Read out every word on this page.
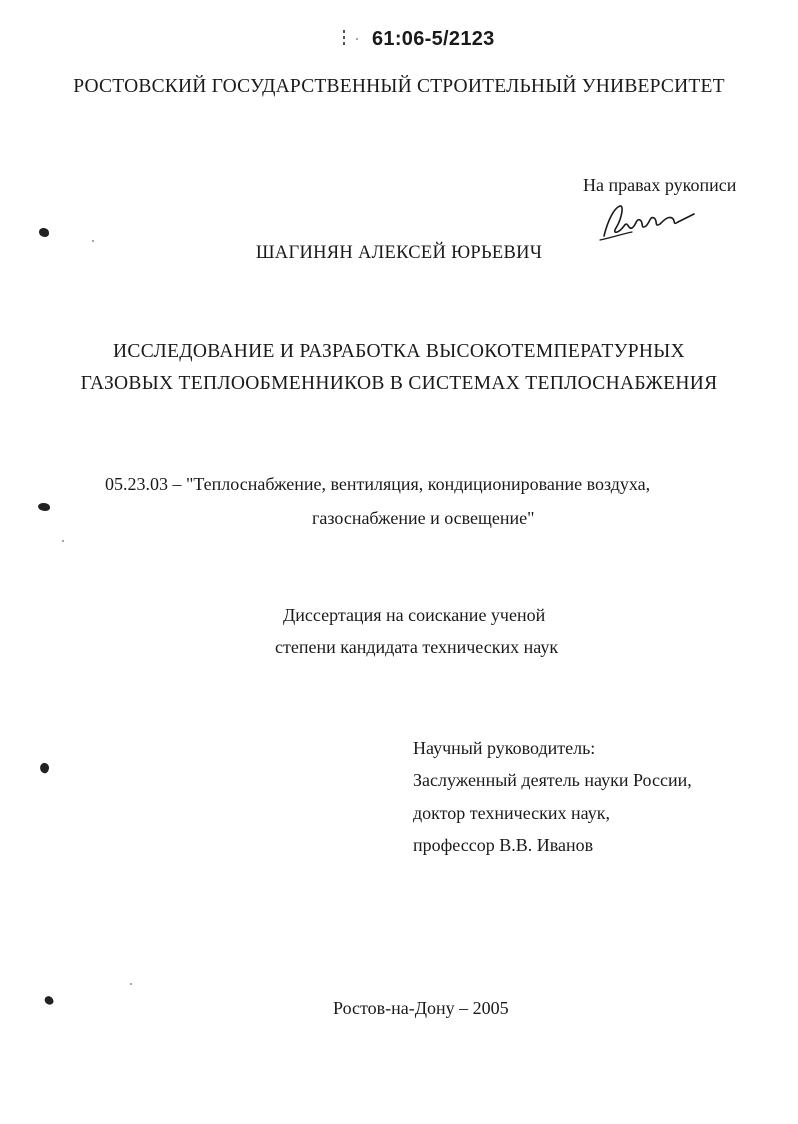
61:06-5/2123
РОСТОВСКИЙ ГОСУДАРСТВЕННЫЙ СТРОИТЕЛЬНЫЙ УНИВЕРСИТЕТ
На правах рукописи
ШАГИНЯН АЛЕКСЕЙ ЮРЬЕВИЧ
ИССЛЕДОВАНИЕ И РАЗРАБОТКА ВЫСОКОТЕМПЕРАТУРНЫХ
ГАЗОВЫХ ТЕПЛООБМЕННИКОВ В СИСТЕМАХ ТЕПЛОСНАБЖЕНИЯ
05.23.03 – "Теплоснабжение, вентиляция, кондиционирование воздуха,
газоснабжение и освещение"
Диссертация на соискание ученой
степени кандидата технических наук
Научный руководитель:
Заслуженный деятель науки России,
доктор технических наук,
профессор В.В. Иванов
Ростов-на-Дону – 2005
